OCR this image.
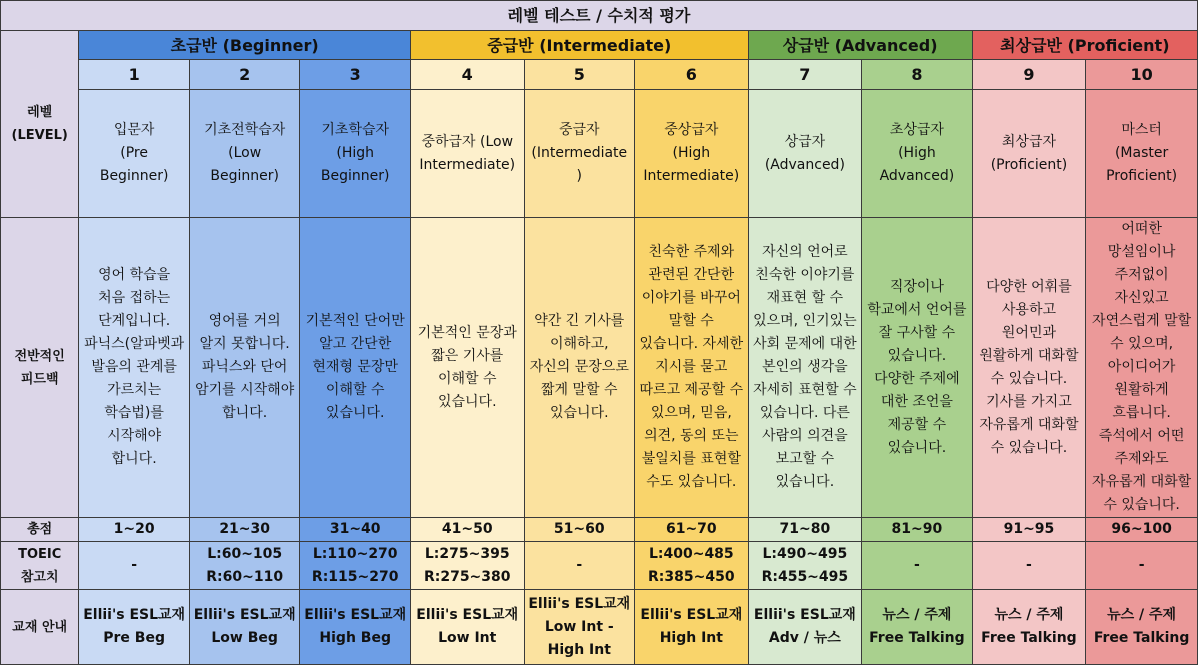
레벨 테스트 / 수치적 평가										
레벨
(LEVEL)	초급반 (Beginner)			중급반 (Intermediate)			상급반 (Advanced)		최상급반 (Proficient)	
	1	2	3	4	5	6	7	8	9	10
	입문자
(Pre
Beginner)	기초전학습자
(Low
Beginner)	기초학습자
(High
Beginner)	중하급자 (Low
Intermediate)	중급자
(Intermediate
)	중상급자
(High
Intermediate)	상급자
(Advanced)	초상급자
(High
Advanced)	최상급자
(Proficient)	마스터
(Master
Proficient)
전반적인
피드백	영어 학습을 처음 접하는 단계입니다. 파닉스(알파벳과 발음의 관계를 가르치는 학습법)를 시작해야 합니다.	영어를 거의 알지 못합니다. 파닉스와 단어 암기를 시작해야 합니다.	기본적인 단어만 알고 간단한 현재형 문장만 이해할 수 있습니다.	기본적인 문장과 짧은 기사를 이해할 수 있습니다.	약간 긴 기사를 이해하고, 자신의 문장으로 짧게 말할 수 있습니다.	친숙한 주제와 관련된 간단한 이야기를 바꾸어 말할 수 있습니다. 자세한 지시를 묻고 따르고 제공할 수 있으며, 믿음, 의견, 동의 또는 불일치를 표현할 수도 있습니다.	자신의 언어로 친숙한 이야기를 재표현 할 수 있으며, 인기있는 사회 문제에 대한 본인의 생각을 자세히 표현할 수 있습니다. 다른 사람의 의견을 보고할 수 있습니다.	직장이나 학교에서 언어를 잘 구사할 수 있습니다. 다양한 주제에 대한 조언을 제공할 수 있습니다.	다양한 어휘를 사용하고 원어민과 원활하게 대화할 수 있습니다. 기사를 가지고 자유롭게 대화할 수 있습니다.	어떠한 망설임이나 주저없이 자신있고 자연스럽게 말할 수 있으며, 아이디어가 원활하게 흐릅니다. 즉석에서 어떤 주제와도 자유롭게 대화할 수 있습니다.
총점	1~20	21~30	31~40	41~50	51~60	61~70	71~80	81~90	91~95	96~100
TOEIC
참고치	-	L:60~105
R:60~110	L:110~270
R:115~270	L:275~395
R:275~380	-	L:400~485
R:385~450	L:490~495
R:455~495	-	-	-
교재 안내	Ellii's ESL교재
Pre Beg	Ellii's ESL교재
Low Beg	Ellii's ESL교재
High Beg	Ellii's ESL교재
Low Int	Ellii's ESL교재
Low Int -
High Int	Ellii's ESL교재
High Int	Ellii's ESL교재
Adv / 뉴스	뉴스 / 주제
Free Talking	뉴스 / 주제
Free Talking	뉴스 / 주제
Free Talking
